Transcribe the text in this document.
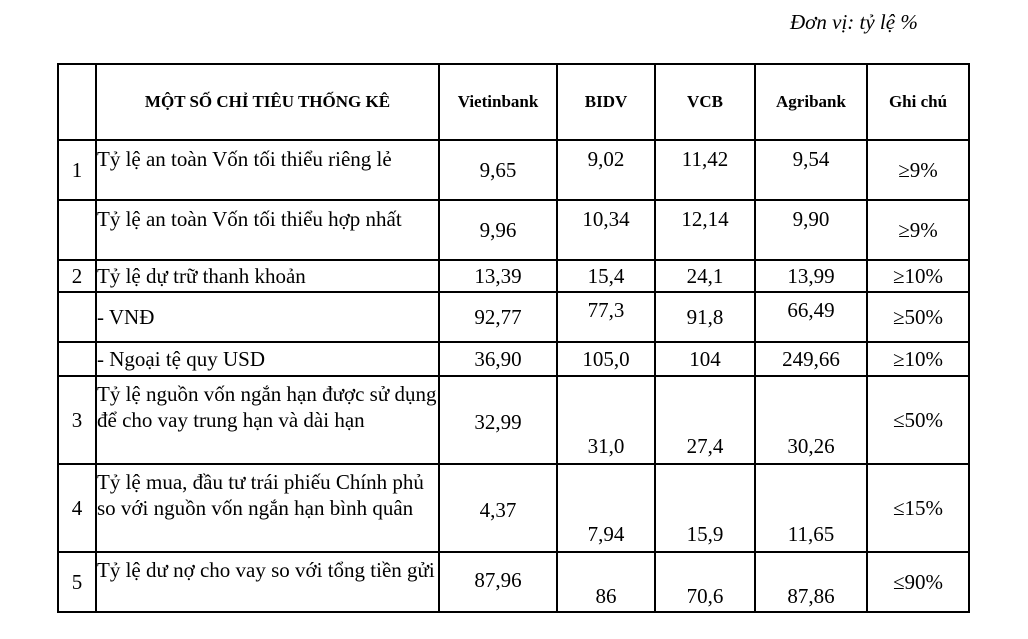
Đơn vị: tỷ lệ %
	MỘT SỐ CHỈ TIÊU THỐNG KÊ	Vietinbank	BIDV	VCB	Agribank	Ghi chú
1	Tỷ lệ an toàn Vốn tối thiểu riêng lẻ	9,65	9,02	11,42	9,54	≥9%
	Tỷ lệ an toàn Vốn tối thiểu hợp nhất	9,96	10,34	12,14	9,90	≥9%
2	Tỷ lệ dự trữ thanh khoản	13,39	15,4	24,1	13,99	≥10%
	- VNĐ	92,77	77,3	91,8	66,49	≥50%
	- Ngoại tệ quy USD	36,90	105,0	104	249,66	≥10%
3	Tỷ lệ nguồn vốn ngắn hạn được sử dụng để cho vay trung hạn và dài hạn	32,99	31,0	27,4	30,26	≤50%
4	Tỷ lệ mua, đầu tư trái phiếu Chính phủ so với nguồn vốn ngắn hạn bình quân	4,37	7,94	15,9	11,65	≤15%
5	Tỷ lệ dư nợ cho vay so với tổng tiền gửi	87,96	86	70,6	87,86	≤90%
